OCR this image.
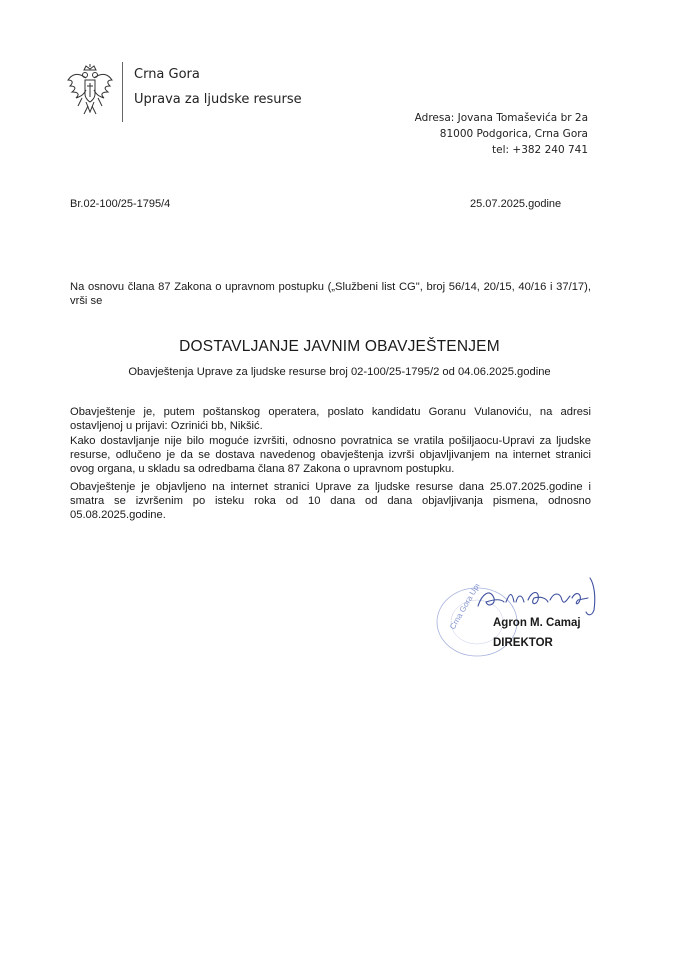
Crna Gora
Uprava za ljudske resurse
Adresa: Jovana Tomaševića br 2a
81000 Podgorica, Crna Gora
tel: +382 240 741
Br.02-100/25-1795/4	25.07.2025.godine
Na osnovu člana 87 Zakona o upravnom postupku („Službeni list CG", broj 56/14, 20/15, 40/16 i 37/17), vrši se
DOSTAVLJANJE JAVNIM OBAVJEŠTENJEM
Obavještenja Uprave za ljudske resurse broj 02-100/25-1795/2 od 04.06.2025.godine
Obavještenje je, putem poštanskog operatera, poslato kandidatu Goranu Vulanoviću, na adresi ostavljenoj u prijavi: Ozrinići bb, Nikšić.
Kako dostavljanje nije bilo moguće izvršiti, odnosno povratnica se vratila pošiljaocu-Upravi za ljudske resurse, odlučeno je da se dostava navedenog obavještenja izvrši objavljivanjem na internet stranici ovog organa, u skladu sa odredbama člana 87 Zakona o upravnom postupku.
Obavještenje je objavljeno na internet stranici Uprave za ljudske resurse dana 25.07.2025.godine i smatra se izvršenim po isteku roka od 10 dana od dana objavljivanja pismena, odnosno 05.08.2025.godine.
Crna Gora Uprava za Agron M. Camaj
DIREKTOR
